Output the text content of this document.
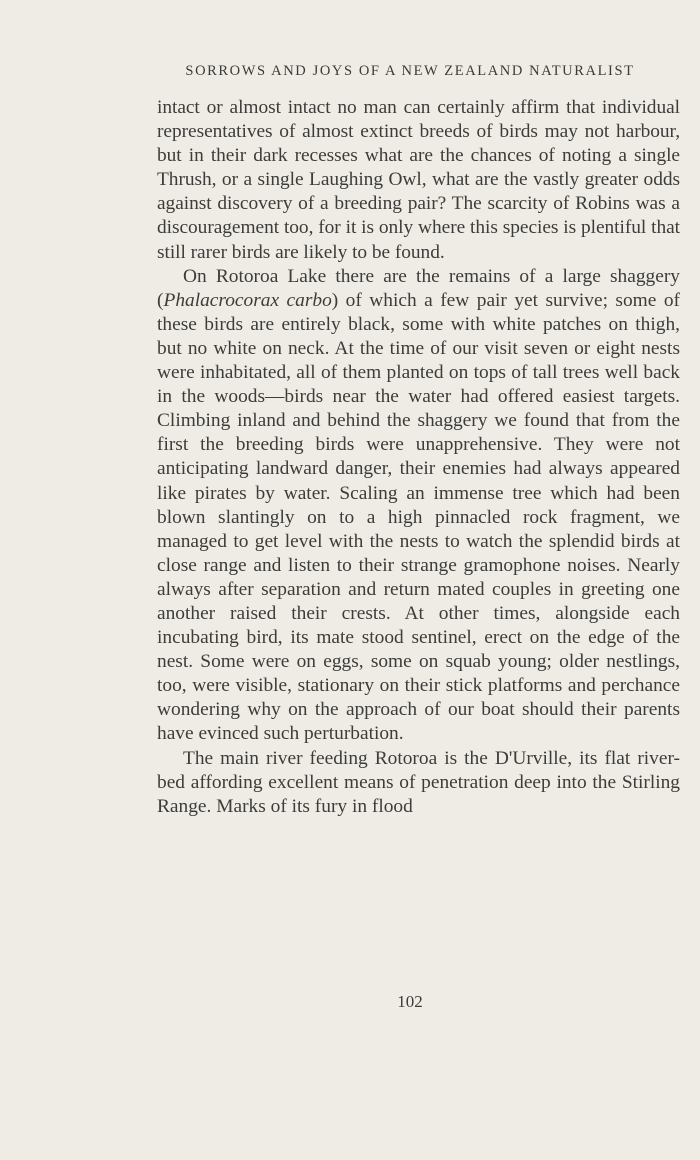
SORROWS AND JOYS OF A NEW ZEALAND NATURALIST

intact or almost intact no man can certainly affirm that individual representatives of almost extinct breeds of birds may not harbour, but in their dark recesses what are the chances of noting a single Thrush, or a single Laughing Owl, what are the vastly greater odds against discovery of a breeding pair? The scarcity of Robins was a discouragement too, for it is only where this species is plentiful that still rarer birds are likely to be found.

On Rotoroa Lake there are the remains of a large shaggery (Phalacrocorax carbo) of which a few pair yet survive; some of these birds are entirely black, some with white patches on thigh, but no white on neck. At the time of our visit seven or eight nests were inhabitated, all of them planted on tops of tall trees well back in the woods—birds near the water had offered easiest targets. Climbing inland and behind the shaggery we found that from the first the breeding birds were unapprehensive. They were not anticipating landward danger, their enemies had always appeared like pirates by water. Scaling an immense tree which had been blown slantingly on to a high pinnacled rock fragment, we managed to get level with the nests to watch the splendid birds at close range and listen to their strange gramophone noises. Nearly always after separation and return mated couples in greeting one another raised their crests. At other times, alongside each incubating bird, its mate stood sentinel, erect on the edge of the nest. Some were on eggs, some on squab young; older nestlings, too, were visible, stationary on their stick platforms and perchance wondering why on the approach of our boat should their parents have evinced such perturbation.

The main river feeding Rotoroa is the D'Urville, its flat river-bed affording excellent means of penetration deep into the Stirling Range. Marks of its fury in flood

102
